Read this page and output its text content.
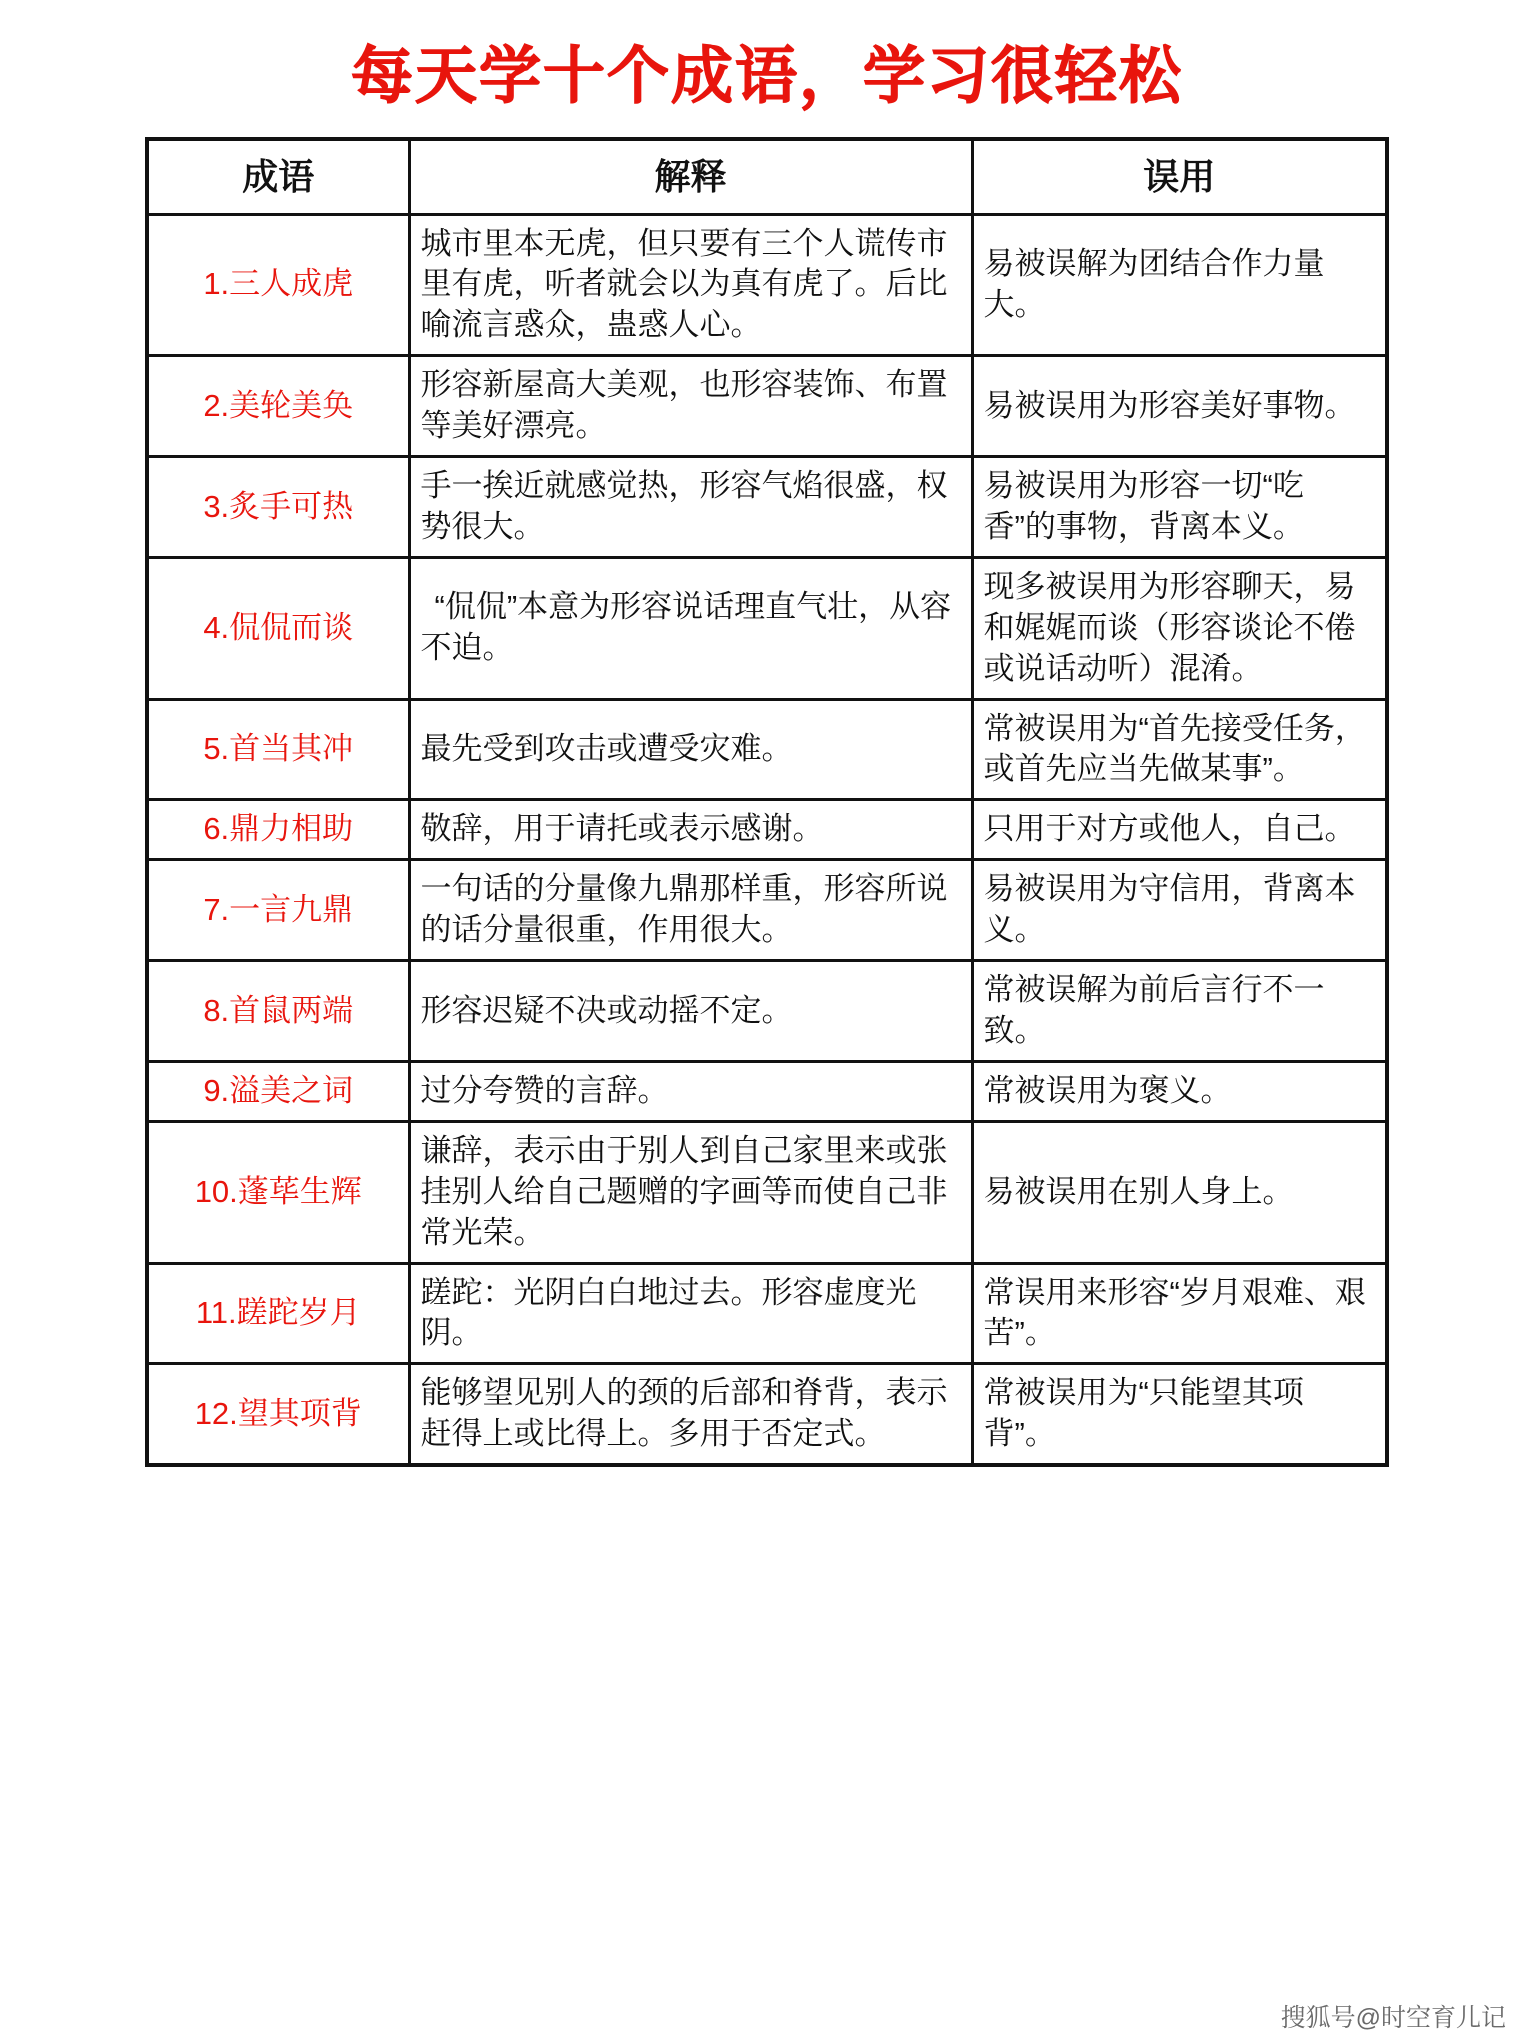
每天学十个成语，学习很轻松
成语	解释	误用
1.三人成虎	城市里本无虎，但只要有三个人谎传市里有虎，听者就会以为真有虎了。后比喻流言惑众，蛊惑人心。	易被误解为团结合作力量大。
2.美轮美奂	形容新屋高大美观，也形容装饰、布置等美好漂亮。	易被误用为形容美好事物。
3.炙手可热	手一挨近就感觉热，形容气焰很盛，权势很大。	易被误用为形容一切“吃香”的事物，背离本义。
4.侃侃而谈	“侃侃”本意为形容说话理直气壮，从容不迫。	现多被误用为形容聊天，易和娓娓而谈（形容谈论不倦或说话动听）混淆。
5.首当其冲	最先受到攻击或遭受灾难。	常被误用为“首先接受任务，或首先应当先做某事”。
6.鼎力相助	敬辞，用于请托或表示感谢。	只用于对方或他人，自己。
7.一言九鼎	一句话的分量像九鼎那样重，形容所说的话分量很重，作用很大。	易被误用为守信用，背离本义。
8.首鼠两端	形容迟疑不决或动摇不定。	常被误解为前后言行不一致。
9.溢美之词	过分夸赞的言辞。	常被误用为褒义。
10.蓬荜生辉	谦辞，表示由于别人到自己家里来或张挂别人给自己题赠的字画等而使自己非常光荣。	易被误用在别人身上。
11.蹉跎岁月	蹉跎：光阴白白地过去。形容虚度光阴。	常误用来形容“岁月艰难、艰苦”。
12.望其项背	能够望见别人的颈的后部和脊背，表示赶得上或比得上。多用于否定式。	常被误用为“只能望其项背”。
搜狐号@时空育儿记
